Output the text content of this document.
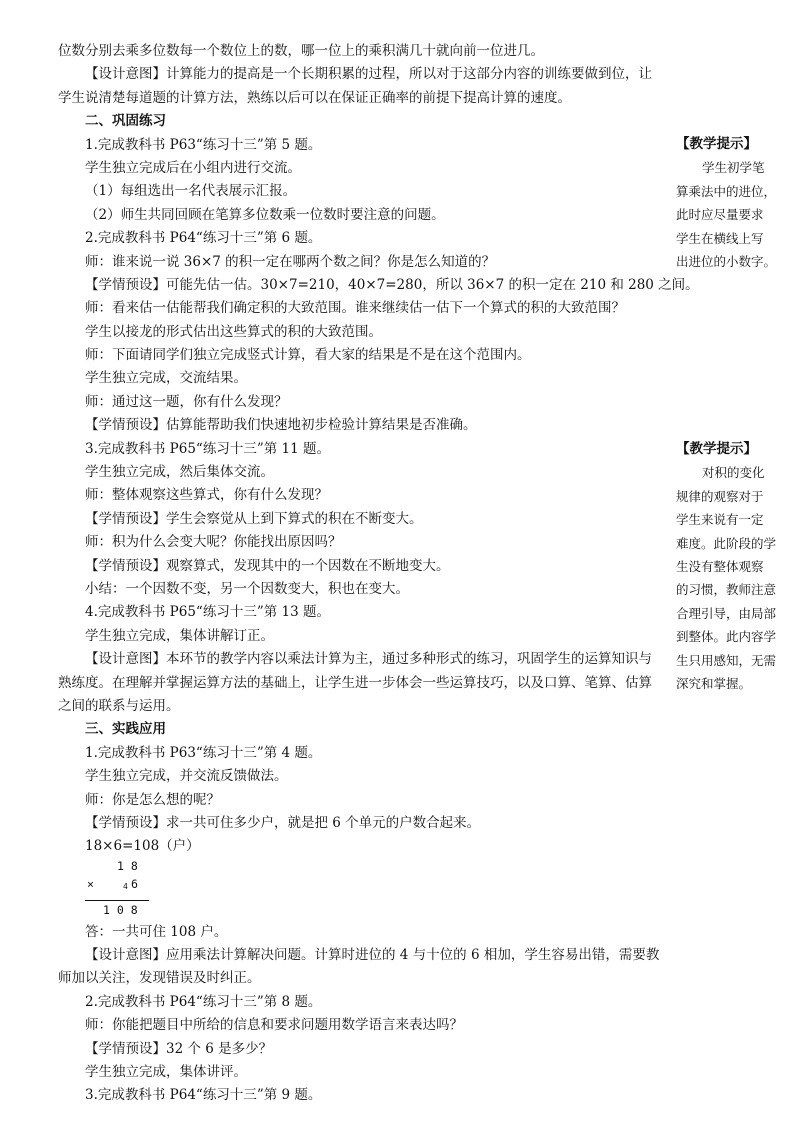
位数分别去乘多位数每一个数位上的数，哪一位上的乘积满几十就向前一位进几。
【设计意图】计算能力的提高是一个长期积累的过程，所以对于这部分内容的训练要做到位，让
学生说清楚每道题的计算方法，熟练以后可以在保证正确率的前提下提高计算的速度。
二、巩固练习
1.完成教科书 P63“练习十三”第 5 题。
学生独立完成后在小组内进行交流。
（1）每组选出一名代表展示汇报。
（2）师生共同回顾在笔算多位数乘一位数时要注意的问题。
2.完成教科书 P64“练习十三”第 6 题。
师：谁来说一说 36×7 的积一定在哪两个数之间？你是怎么知道的？
【学情预设】可能先估一估。30×7=210，40×7=280，所以 36×7 的积一定在 210 和 280 之间。
师：看来估一估能帮我们确定积的大致范围。谁来继续估一估下一个算式的积的大致范围？
学生以接龙的形式估出这些算式的积的大致范围。
师：下面请同学们独立完成竖式计算，看大家的结果是不是在这个范围内。
学生独立完成，交流结果。
师：通过这一题，你有什么发现？
【学情预设】估算能帮助我们快速地初步检验计算结果是否准确。
3.完成教科书 P65“练习十三”第 11 题。
学生独立完成，然后集体交流。
师：整体观察这些算式，你有什么发现？
【学情预设】学生会察觉从上到下算式的积在不断变大。
师：积为什么会变大呢？你能找出原因吗？
【学情预设】观察算式，发现其中的一个因数在不断地变大。
小结：一个因数不变，另一个因数变大，积也在变大。
4.完成教科书 P65“练习十三”第 13 题。
学生独立完成，集体讲解订正。
【设计意图】本环节的教学内容以乘法计算为主，通过多种形式的练习，巩固学生的运算知识与
熟练度。在理解并掌握运算方法的基础上，让学生进一步体会一些运算技巧，以及口算、笔算、估算
之间的联系与运用。
三、实践应用
1.完成教科书 P63“练习十三”第 4 题。
学生独立完成，并交流反馈做法。
师：你是怎么想的呢？
【学情预设】求一共可住多少户，就是把 6 个单元的户数合起来。
18×6=108（户）
1 8
×	4 6
1 0 8
答：一共可住 108 户。
【设计意图】应用乘法计算解决问题。计算时进位的 4 与十位的 6 相加，学生容易出错，需要教
师加以关注，发现错误及时纠正。
2.完成教科书 P64“练习十三”第 8 题。
师：你能把题目中所给的信息和要求问题用数学语言来表达吗？
【学情预设】32 个 6 是多少？
学生独立完成，集体讲评。
3.完成教科书 P64“练习十三”第 9 题。
【教学提示】
学生初学笔
算乘法中的进位，
此时应尽量要求
学生在横线上写
出进位的小数字。
【教学提示】
对积的变化
规律的观察对于
学生来说有一定
难度。此阶段的学
生没有整体观察
的习惯，教师注意
合理引导，由局部
到整体。此内容学
生只用感知，无需
深究和掌握。
